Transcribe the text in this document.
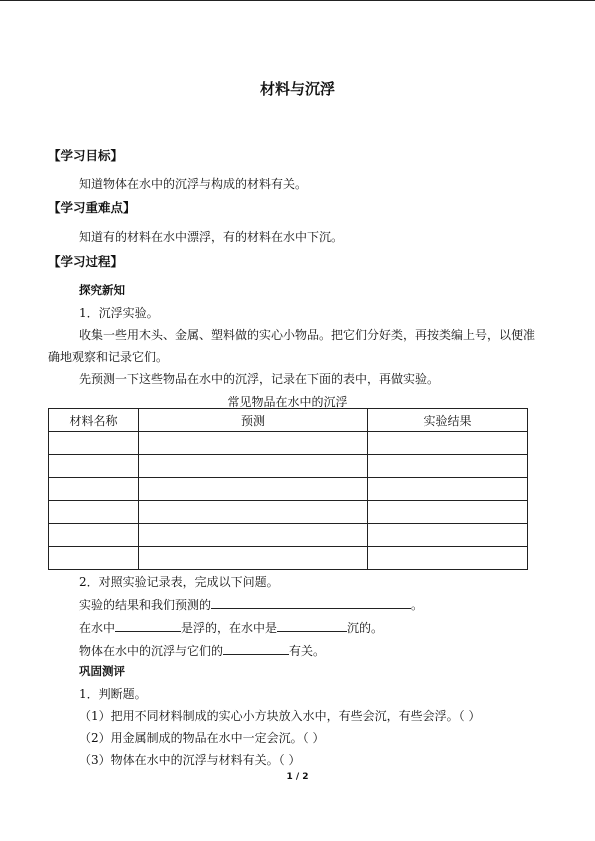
材料与沉浮
【学习目标】
知道物体在水中的沉浮与构成的材料有关。
【学习重难点】
知道有的材料在水中漂浮，有的材料在水中下沉。
【学习过程】
探究新知
1．沉浮实验。
收集一些用木头、金属、塑料做的实心小物品。把它们分好类，再按类编上号，以便准
确地观察和记录它们。
先预测一下这些物品在水中的沉浮，记录在下面的表中，再做实验。
常见物品在水中的沉浮
材料名称	预测	实验结果

2．对照实验记录表，完成以下问题。
实验的结果和我们预测的	。
在水中	是浮的，在水中是	沉的。
物体在水中的沉浮与它们的	有关。
巩固测评
1．判断题。
（1）把用不同材料制成的实心小方块放入水中，有些会沉，有些会浮。（ ）
（2）用金属制成的物品在水中一定会沉。（ ）
（3）物体在水中的沉浮与材料有关。（ ）
1 / 2
